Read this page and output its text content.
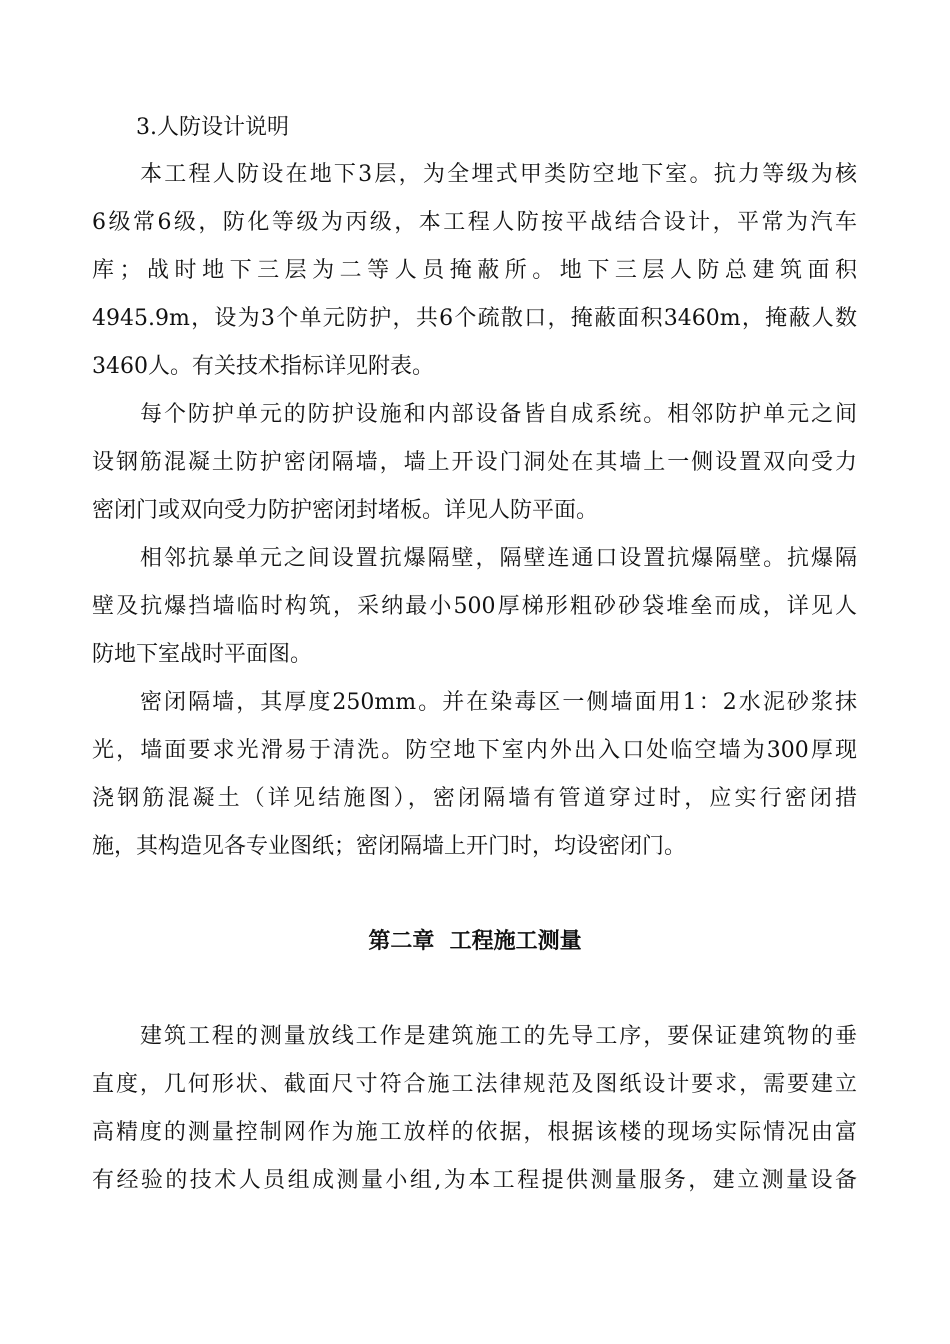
3.人防设计说明
本工程人防设在地下3层，为全埋式甲类防空地下室。抗力等级为核
6级常6级，防化等级为丙级，本工程人防按平战结合设计，平常为汽车
库；战时地下三层为二等人员掩蔽所。地下三层人防总建筑面积
4945.9m，设为3个单元防护，共6个疏散口，掩蔽面积3460m，掩蔽人数
3460人。有关技术指标详见附表。
每个防护单元的防护设施和内部设备皆自成系统。相邻防护单元之间
设钢筋混凝土防护密闭隔墙，墙上开设门洞处在其墙上一侧设置双向受力
密闭门或双向受力防护密闭封堵板。详见人防平面。
相邻抗暴单元之间设置抗爆隔壁，隔壁连通口设置抗爆隔壁。抗爆隔
壁及抗爆挡墙临时构筑，采纳最小500厚梯形粗砂砂袋堆垒而成，详见人
防地下室战时平面图。
密闭隔墙，其厚度250mm。并在染毒区一侧墙面用1：2水泥砂浆抹
光，墙面要求光滑易于清洗。防空地下室内外出入口处临空墙为300厚现
浇钢筋混凝土（详见结施图），密闭隔墙有管道穿过时，应实行密闭措
施，其构造见各专业图纸；密闭隔墙上开门时，均设密闭门。
第二章  工程施工测量
建筑工程的测量放线工作是建筑施工的先导工序，要保证建筑物的垂
直度，几何形状、截面尺寸符合施工法律规范及图纸设计要求，需要建立
高精度的测量控制网作为施工放样的依据，根据该楼的现场实际情况由富
有经验的技术人员组成测量小组,为本工程提供测量服务，建立测量设备
